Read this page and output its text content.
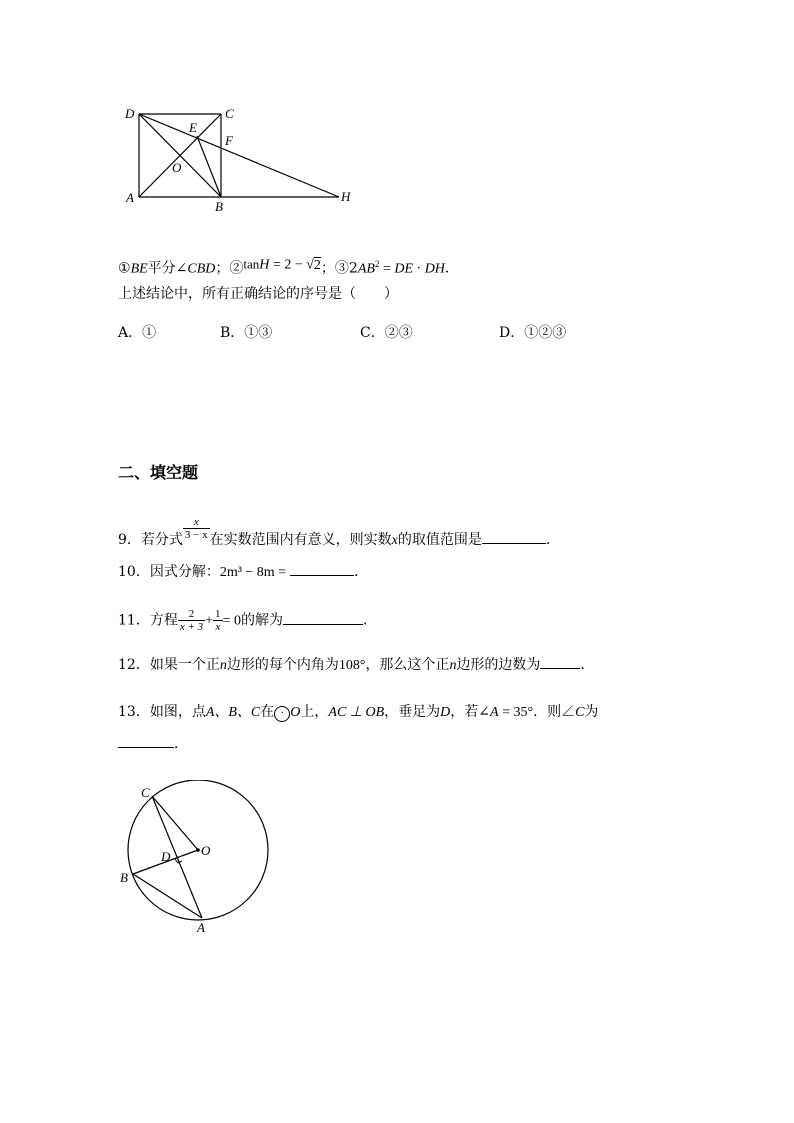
D	C
E
F
O
A
B
H
①BE平分∠CBD；②tanH = 2 − √2；$③2AB^2$ = DE · DH．
上述结论中，所有正确结论的序号是（　　）
A．①	B．①③	C．②③	D．①②③
二、填空题
9．若分式 $\frac{x}{3 - x}$ 在实数范围内有意义，则实数x的取值范围是	．
10．因式分解：2m³ − 8m =	．
11．方程 $\frac{2}{x + 3} + \frac{1}{x} = 0$的解为	．
12．如果一个正n边形的每个内角为108°，那么这个正n边形的边数为	．
13．如图，点A、B、C在 · O上，AC ⊥ OB，垂足为D，若∠A = 35°．则∠C为
．
C
O
D
B
A
